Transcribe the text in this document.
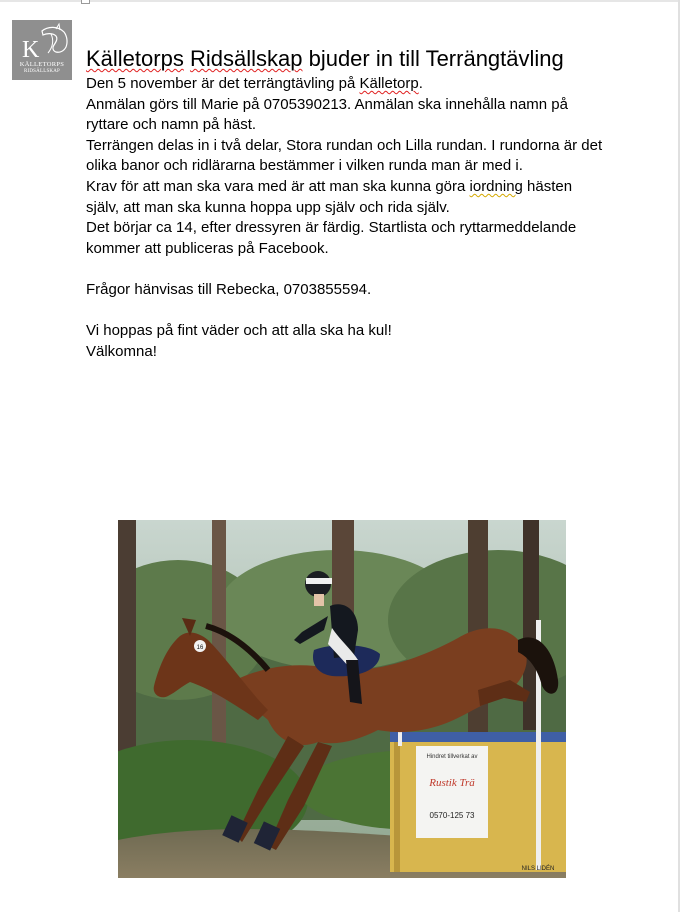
K
KÄLLETORPS
RIDSÄLLSKAP
Källetorps Ridsällskap bjuder in till Terrängtävling

Den 5 november är det terrängtävling på Källetorp.

Anmälan görs till Marie på 0705390213. Anmälan ska innehålla namn på

ryttare och namn på häst.

Terrängen delas in i två delar, Stora rundan och Lilla rundan. I rundorna är det

olika banor och ridlärarna bestämmer i vilken runda man är med i.

Krav för att man ska vara med är att man ska kunna göra iordning hästen

själv, att man ska kunna hoppa upp själv och rida själv.

Det börjar ca 14, efter dressyren är färdig. Startlista och ryttarmeddelande

kommer att publiceras på Facebook.

Frågor hänvisas till Rebecka, 0703855594.

Vi hoppas på fint väder och att alla ska ha kul!

Välkomna!

Hindret tillverkat av
Rustik Trä
0570-125 73
16
NILS LIDÉN
